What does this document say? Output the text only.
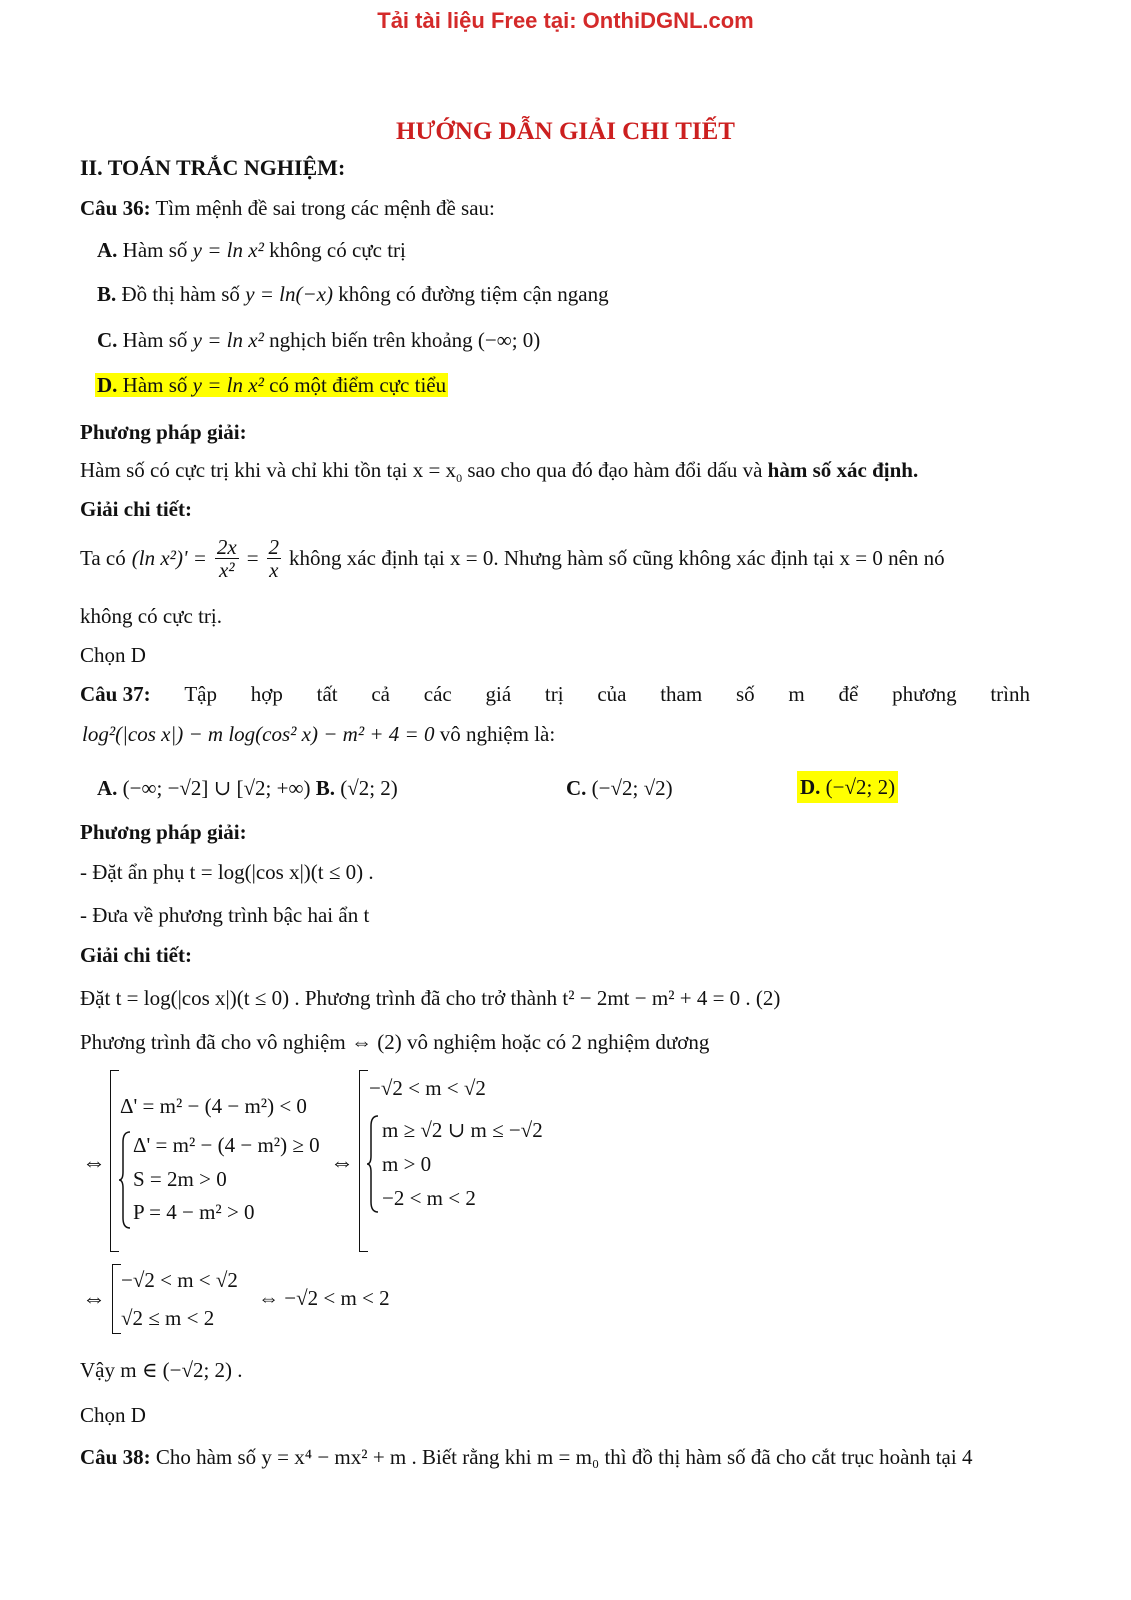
Tải tài liệu Free tại: OnthiDGNL.com
HƯỚNG DẪN GIẢI CHI TIẾT
II. TOÁN TRẮC NGHIỆM:
Câu 36: Tìm mệnh đề sai trong các mệnh đề sau:
A. Hàm số y = ln x² không có cực trị
B. Đồ thị hàm số y = ln(−x) không có đường tiệm cận ngang
C. Hàm số y = ln x² nghịch biến trên khoảng (−∞; 0)
D. Hàm số y = ln x² có một điểm cực tiểu
Phương pháp giải:
Hàm số có cực trị khi và chỉ khi tồn tại $x = x_0$ sao cho qua đó đạo hàm đổi dấu và hàm số xác định.
Giải chi tiết:
Ta có (ln $x^2)' = \frac{2x}{\text{x²}} = \frac{2}{x}$ không xác định tại x = 0. Nhưng hàm số cũng không xác định tại x = 0 nên nó
không có cực trị.
Chọn D
Câu 37: Tập hợp tất cả các giá trị của tham số m để phương trình
log²(|cos x|) − m log(cos² x) − m² + 4 = 0 vô nghiệm là:
A. (−∞; −√2] ∪ [√2; +∞) B. (√2; 2)	C. (−√2; √2)	D. (−√2; 2)
Phương pháp giải:
- Đặt ẩn phụ t = log(|cos x|)(t ≤ 0) .
- Đưa về phương trình bậc hai ẩn t
Giải chi tiết:
Đặt t = log(|cos x|)(t ≤ 0) . Phương trình đã cho trở thành t² − 2mt − m² + 4 = 0 . (2)
Phương trình đã cho vô nghiệm ⇔ (2) vô nghiệm hoặc có 2 nghiệm dương
⇔
Δ' = m² − (4 − m²) < 0
Δ' = m² − (4 − m²) ≥ 0
S = 2m > 0
P = 4 − m² > 0
⇔
−√2 < m < √2
m ≥ √2 ∪ m ≤ −√2
m > 0
−2 < m < 2
⇔
−√2 < m < √2
√2 ≤ m < 2
⇔ −√2 < m < 2
Vậy m ∈ (−√2; 2) .
Chọn D
Câu 38: Cho hàm số y = x⁴ − mx² + m . Biết rằng khi m = m₀ thì đồ thị hàm số đã cho cắt trục hoành tại 4
